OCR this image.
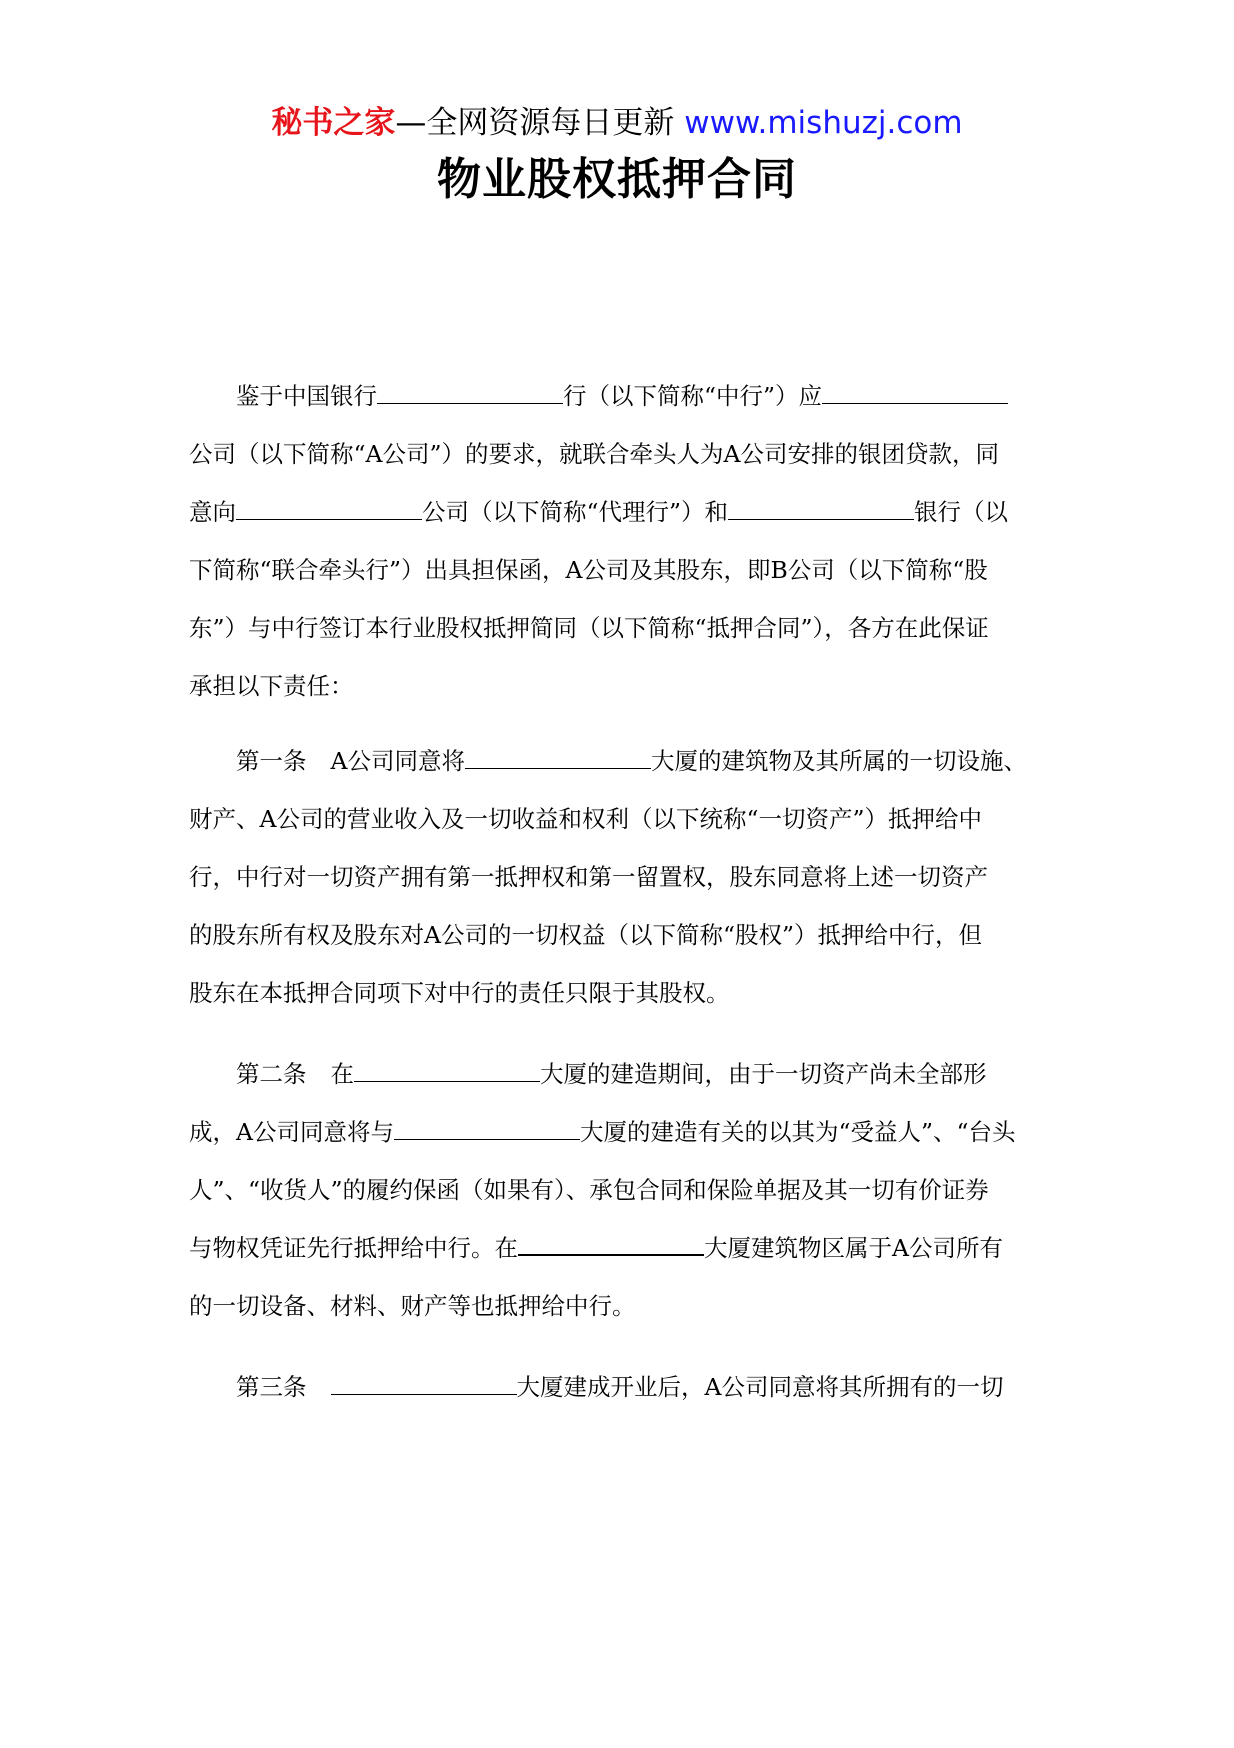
秘书之家—全网资源每日更新 www.mishuzj.com
物业股权抵押合同
鉴于中国银行	行（以下简称“中行”）应
公司（以下简称“A公司”）的要求，就联合牵头人为A公司安排的银团贷款，同
意向	公司（以下简称“代理行”）和	银行（以
下简称“联合牵头行”）出具担保函，A公司及其股东，即B公司（以下简称“股
东”）与中行签订本行业股权抵押简同（以下简称“抵押合同”），各方在此保证
承担以下责任：
第一条 A公司同意将	大厦的建筑物及其所属的一切设施、
财产、A公司的营业收入及一切收益和权利（以下统称“一切资产”）抵押给中
行，中行对一切资产拥有第一抵押权和第一留置权，股东同意将上述一切资产
的股东所有权及股东对A公司的一切权益（以下简称“股权”）抵押给中行，但
股东在本抵押合同项下对中行的责任只限于其股权。
第二条 在	大厦的建造期间，由于一切资产尚未全部形
成，A公司同意将与	大厦的建造有关的以其为“受益人”、“台头
人”、“收货人”的履约保函（如果有）、承包合同和保险单据及其一切有价证券
与物权凭证先行抵押给中行。在	大厦建筑物区属于A公司所有
的一切设备、材料、财产等也抵押给中行。
第三条	大厦建成开业后，A公司同意将其所拥有的一切
